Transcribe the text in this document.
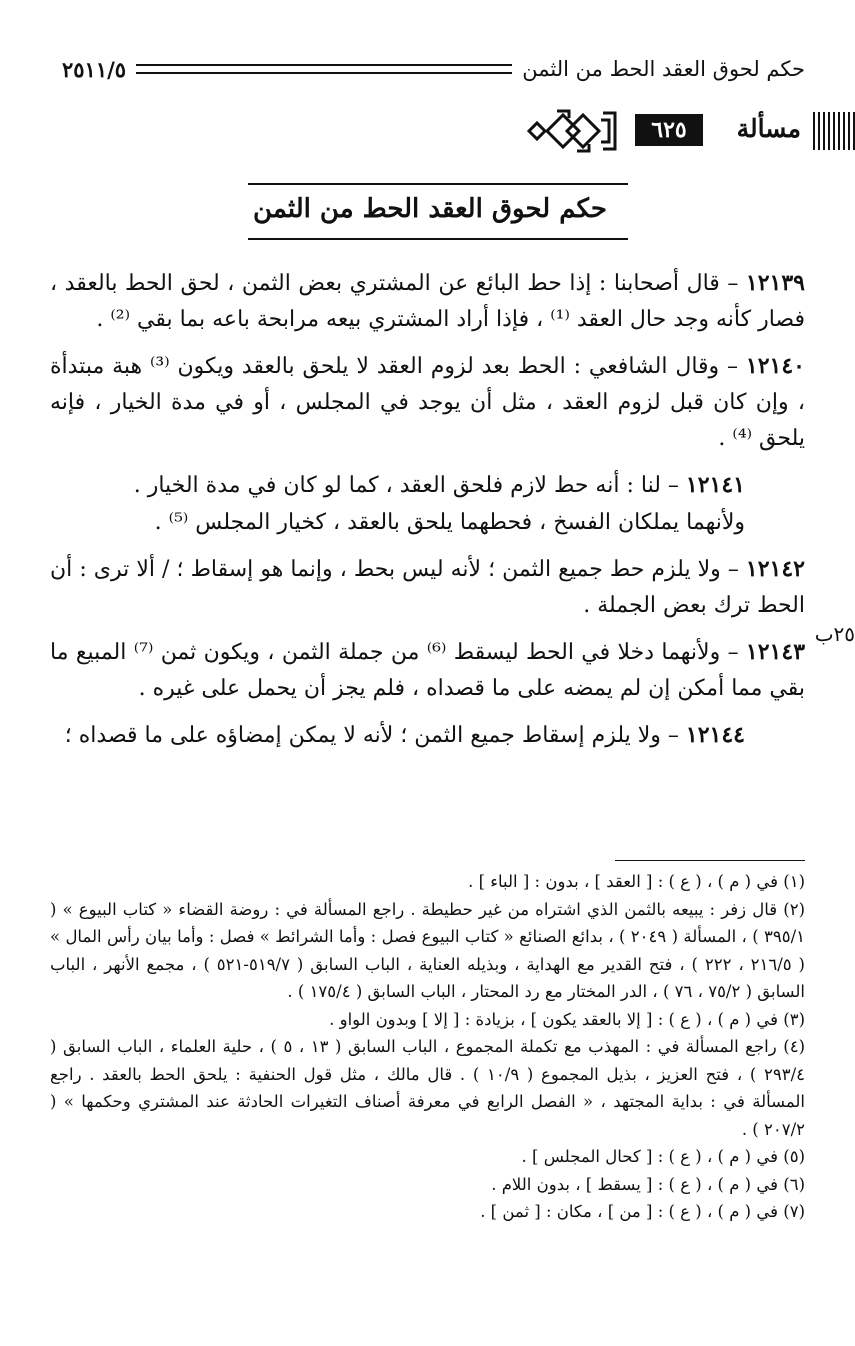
حكم لحوق العقد الحط من الثمن
٢٥١١/٥
مسألة
٦٢٥
حكم لحوق العقد الحط من الثمن
٢٥ب

١٢١٣٩ – قال أصحابنا : إذا حط البائع عن المشتري بعض الثمن ، لحق الحط بالعقد ، فصار كأنه وجد حال العقد ⁽¹⁾ ، فإذا أراد المشتري بيعه مرابحة باعه بما بقي ⁽²⁾ .

١٢١٤٠ – وقال الشافعي : الحط بعد لزوم العقد لا يلحق بالعقد ويكون ⁽³⁾ هبة مبتدأة ، وإن كان قبل لزوم العقد ، مثل أن يوجد في المجلس ، أو في مدة الخيار ، فإنه يلحق ⁽⁴⁾ .

١٢١٤١ – لنا : أنه حط لازم فلحق العقد ، كما لو كان في مدة الخيار .

ولأنهما يملكان الفسخ ، فحطهما يلحق بالعقد ، كخيار المجلس ⁽⁵⁾ .

١٢١٤٢ – ولا يلزم حط جميع الثمن ؛ لأنه ليس بحط ، وإنما هو إسقاط ؛ / ألا ترى : أن الحط ترك بعض الجملة .

١٢١٤٣ – ولأنهما دخلا في الحط ليسقط ⁽⁶⁾ من جملة الثمن ، ويكون ثمن ⁽⁷⁾ المبيع ما بقي مما أمكن إن لم يمضه على ما قصداه ، فلم يجز أن يحمل على غيره .

١٢١٤٤ – ولا يلزم إسقاط جميع الثمن ؛ لأنه لا يمكن إمضاؤه على ما قصداه ؛

(١) في ( م ) ، ( ع ) : [ العقد ] ، بدون : [ الباء ] .

(٢) قال زفر : يبيعه بالثمن الذي اشتراه من غير حطيطة . راجع المسألة في : روضة القضاء « كتاب البيوع » ( ٣٩٥/١ ) ، المسألة ( ٢٠٤٩ ) ، بدائع الصنائع « كتاب البيوع فصل : وأما الشرائط » فصل : وأما بيان رأس المال » ( ٢١٦/٥ ، ٢٢٢ ) ، فتح القدير مع الهداية ، وبذيله العناية ، الباب السابق ( ٥١٩/٧-٥٢١ ) ، مجمع الأنهر ، الباب السابق ( ٧٥/٢ ، ٧٦ ) ، الدر المختار مع رد المحتار ، الباب السابق ( ١٧٥/٤ ) .

(٣) في ( م ) ، ( ع ) : [ إلا بالعقد يكون ] ، بزيادة : [ إلا ] وبدون الواو .

(٤) راجع المسألة في : المهذب مع تكملة المجموع ، الباب السابق ( ١٣ ، ٥ ) ، حلية العلماء ، الباب السابق ( ٢٩٣/٤ ) ، فتح العزيز ، بذيل المجموع ( ١٠/٩ ) . قال مالك ، مثل قول الحنفية : يلحق الحط بالعقد . راجع المسألة في : بداية المجتهد ، « الفصل الرابع في معرفة أصناف التغيرات الحادثة عند المشتري وحكمها » ( ٢٠٧/٢ ) .

(٥) في ( م ) ، ( ع ) : [ كحال المجلس ] .

(٦) في ( م ) ، ( ع ) : [ يسقط ] ، بدون اللام .

(٧) في ( م ) ، ( ع ) : [ من ] ، مكان : [ ثمن ] .
